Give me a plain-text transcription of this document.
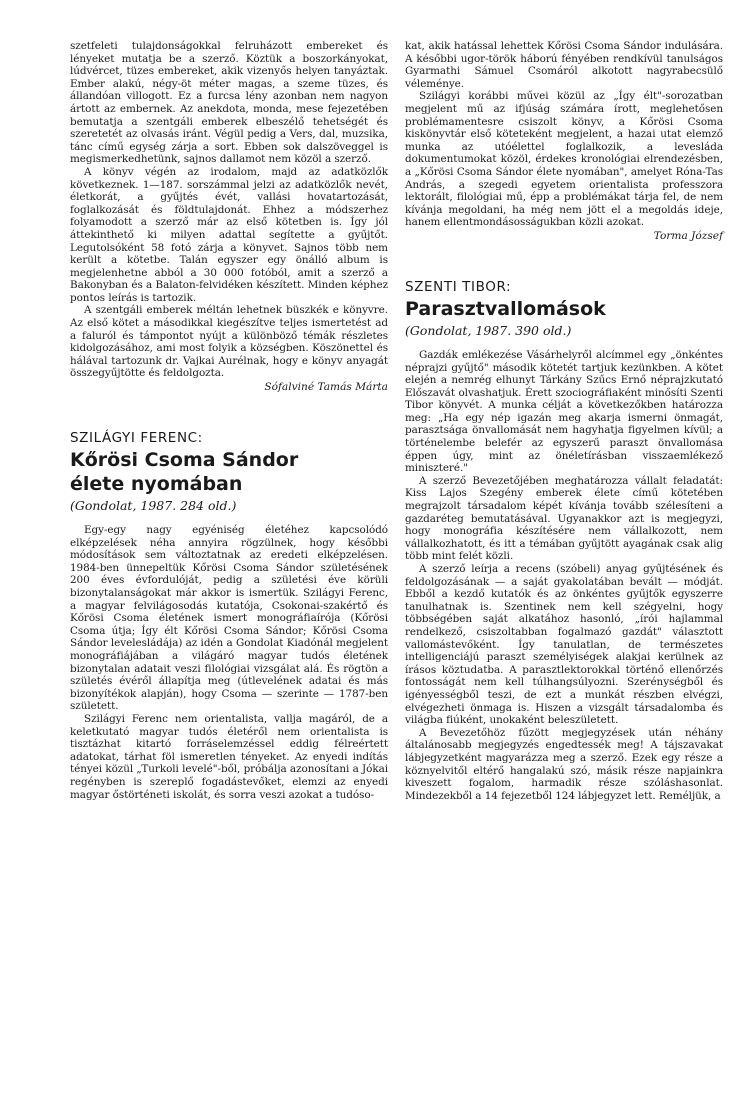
szetfeleti tulajdonságokkal felruházott embereket és lényeket mutatja be a szerző. Köztük a boszorkányokat, lúdvércet, tüzes embereket, akik vizenyős helyen tanyáztak. Ember alakú, négy-öt méter magas, a szeme tüzes, és állandóan villogott. Ez a furcsa lény azonban nem nagyon ártott az embernek. Az anekdota, monda, mese fejezetében bemutatja a szentgáli emberek elbeszélő tehetségét és szeretetét az olvasás iránt. Végül pedig a Vers, dal, muzsika, tánc című egység zárja a sort. Ebben sok dalszöveggel is megismerkedhetünk, sajnos dallamot nem közöl a szerző.

A könyv végén az irodalom, majd az adatközlők következnek. 1—187. sorszámmal jelzi az adatközlők nevét, életkorát, a gyűjtés évét, vallási hovatartozását, foglalkozását és földtulajdonát. Ehhez a módszerhez folyamodott a szerző már az első kötetben is. Így jól áttekinthető ki milyen adattal segítette a gyűjtőt. Legutolsóként 58 fotó zárja a könyvet. Sajnos több nem került a kötetbe. Talán egyszer egy önálló album is megjelenhetne abból a 30 000 fotóból, amit a szerző a Bakonyban és a Balaton-felvidéken készített. Minden képhez pontos leírás is tartozik.

A szentgáli emberek méltán lehetnek büszkék e könyvre. Az első kötet a másodikkal kiegészítve teljes ismertetést ad a faluról és támpontot nyújt a különböző témák részletes kidolgozásához, ami most folyik a községben. Köszönettel és hálával tartozunk dr. Vajkai Aurélnak, hogy e könyv anyagát összegyűjtötte és feldolgozta.

Sófalviné Tamás Márta
SZILÁGYI FERENC:
Kőrösi Csoma Sándor
élete nyomában
(Gondolat, 1987. 284 old.)

Egy-egy nagy egyéniség életéhez kapcsolódó elképzelések néha annyira rögzülnek, hogy későbbi módosítások sem változtatnak az eredeti elképzelésen. 1984-ben ünnepeltük Kőrösi Csoma Sándor születésének 200 éves évfordulóját, pedig a születési éve körüli bizonytalanságokat már akkor is ismertük. Szilágyi Ferenc, a magyar felvilágosodás kutatója, Csokonai-szakértő és Kőrösi Csoma életének ismert monográfiaírója (Kőrösi Csoma útja; Így élt Kőrösi Csoma Sándor; Kőrösi Csoma Sándor levelesládája) az idén a Gondolat Kiadónál megjelent monográfiájában a világáró magyar tudós életének bizonytalan adatait veszi filológiai vizsgálat alá. És rögtön a születés évéről állapítja meg (útlevelének adatai és más bizonyítékok alapján), hogy Csoma — szerinte — 1787-ben született.

Szilágyi Ferenc nem orientalista, vallja magáról, de a keletkutató magyar tudós életéről nem orientalista is tisztázhat kitartó forráselemzéssel eddig félreértett adatokat, tárhat föl ismeretlen tényeket. Az enyedi indítás tényei közül „Turkoli levelé"-ből, próbálja azonosítani a Jókai regényben is szereplő fogadástevőket, elemzi az enyedi magyar őstörténeti iskolát, és sorra veszi azokat a tudóso-

kat, akik hatással lehettek Kőrösi Csoma Sándor indulására. A későbbi ugor-török háború fényében rendkívül tanulságos Gyarmathi Sámuel Csomáról alkotott nagyrabecsülő véleménye.

Szilágyi korábbi művei közül az „Így élt"-sorozatban megjelent mű az ifjúság számára írott, meglehetősen problémamentesre csiszolt könyv, a Kőrösi Csoma kiskönyvtár első köteteként megjelent, a hazai utat elemző munka az utóélettel foglalkozik, a levesláda dokumentumokat közöl, érdekes kronológiai elrendezésben, a „Kőrösi Csoma Sándor élete nyomában", amelyet Róna-Tas András, a szegedi egyetem orientalista professzora lektorált, filológiai mű, épp a problémákat tárja fel, de nem kívánja megoldani, ha még nem jött el a megoldás ideje, hanem ellentmondásosságukban közli azokat.

Torma József
SZENTI TIBOR:
Parasztvallomások
(Gondolat, 1987. 390 old.)

Gazdák emlékezése Vásárhelyről alcímmel egy „önkéntes néprajzi gyűjtő" második kötetét tartjuk kezünkben. A kötet elején a nemrég elhunyt Tárkány Szűcs Ernő néprajzkutató Előszavát olvashatjuk. Érett szociográfiaként minősíti Szenti Tibor könyvét. A munka célját a következőkben határozza meg: „Ha egy nép igazán meg akarja ismerni önmagát, parasztsága önvallomását nem hagyhatja figyelmen kívül; a történelembe belefér az egyszerű paraszt önvallomása éppen úgy, mint az önéletírásban visszaemlékező miniszteré."

A szerző Bevezetőjében meghatározza vállalt feladatát: Kiss Lajos Szegény emberek élete című kötetében megrajzolt társadalom képét kívánja tovább szélesíteni a gazdaréteg bemutatásával. Ugyanakkor azt is megjegyzi, hogy monográfia készítésére nem vállalkozott, nem vállalkozhatott, és itt a témában gyűjtött ayagának csak alig több mint felét közli.

A szerző leírja a recens (szóbeli) anyag gyűjtésének és feldolgozásának — a saját gyakolatában bevált — módját. Ebből a kezdő kutatók és az önkéntes gyűjtők egyszerre tanulhatnak is. Szentinek nem kell szégyelni, hogy többségében saját alkatához hasonló, „írói hajlammal rendelkező, csiszoltabban fogalmazó gazdát" választott vallomástevőként. Így tanulatlan, de természetes intelligenciájú paraszt személyiségek alakjai kerülnek az írásos köztudatba. A parasztlektorokkal történő ellenőrzés fontosságát nem kell túlhangsúlyozni. Szerénységből és igényességből teszi, de ezt a munkát részben elvégzi, elvégezheti önmaga is. Hiszen a vizsgált társadalomba és világba fiúként, unokaként beleszületett.

A Bevezetőhöz fűzött megjegyzések után néhány általánosabb megjegyzés engedtessék meg! A tájszavakat lábjegyzetként magyarázza meg a szerző. Ezek egy része a köznyelvitől eltérő hangalakú szó, másik része napjainkra kiveszett fogalom, harmadik része szóláshasonlat. Mindezekből a 14 fejezetből 124 lábjegyzet lett. Reméljük, a
